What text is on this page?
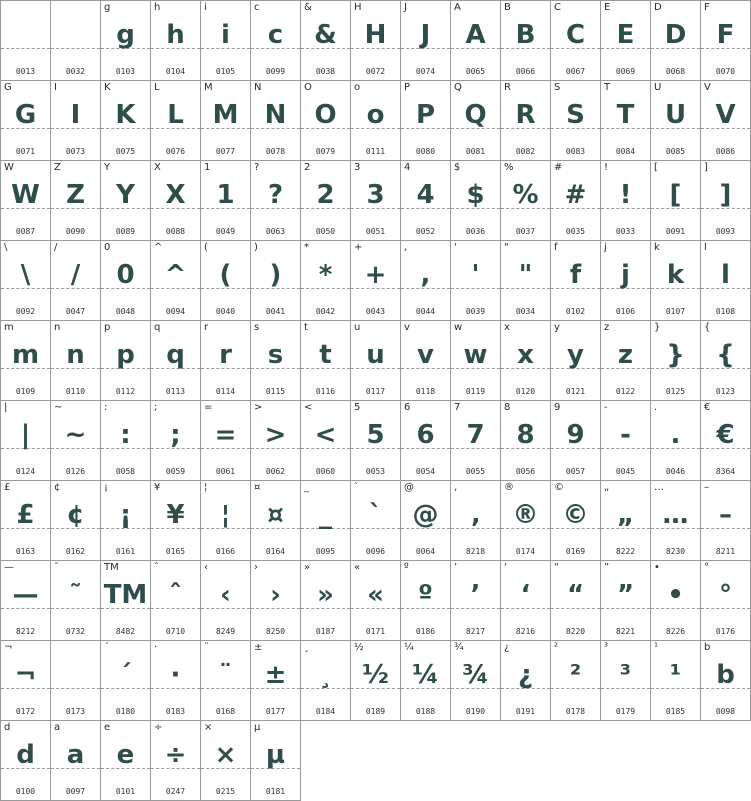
0013	0032
g
g
0103
h
h
0104
i
i
0105
c
c
0099
&
&
0038
H
H
0072
J
J
0074
A
A
0065
B
B
0066
C
C
0067
E
E
0069
D
D
0068
F
F
0070
G
G
0071
I
I
0073
K
K
0075
L
L
0076
M
M
0077
N
N
0078
O
O
0079
o
o
0111
P
P
0080
Q
Q
0081
R
R
0082
S
S
0083
T
T
0084
U
U
0085
V
V
0086
W
W
0087
Z
Z
0090
Y
Y
0089
X
X
0088
1
1
0049
?
?
0063
2
2
0050
3
3
0051
4
4
0052
$
$
0036
%
%
0037
#
#
0035
!
!
0033
[
[
0091
]
]
0093
\
\
0092
/
/
0047
0
0
0048
^
^
0094
(
(
0040
)
)
0041
*
*
0042
+
+
0043
,
,
0044
'
'
0039
"
"
0034
f
f
0102
j
j
0106
k
k
0107
l
l
0108
m
m
0109
n
n
0110
p
p
0112
q
q
0113
r
r
0114
s
s
0115
t
t
0116
u
u
0117
v
v
0118
w
w
0119
x
x
0120
y
y
0121
z
z
0122
}
}
0125
{
{
0123
|
|
0124
~
~
0126
:
:
0058
;
;
0059
=
=
0061
>
>
0062
<
<
0060
5
5
0053
6
6
0054
7
7
0055
8
8
0056
9
9
0057
-
-
0045
.
.
0046
€
€
8364
£
£
0163
¢
¢
0162
¡
¡
0161
¥
¥
0165
¦
¦
0166
¤
¤
0164
_
_
0095
`
`
0096
@
@
0064
‚
‚
8218
®
®
0174
©
©
0169
„
„
8222
…
…
8230
–
–
8211
—
—
8212
˜
˜
0732
TM
TM
8482
ˆ
ˆ
0710
‹
‹
8249
›
›
8250
»
»
0187
«
«
0171
º
º
0186
’
’
8217
‘
‘
8216
“
“
8220
”
”
8221
•
•
8226
°
°
0176
¬
¬
0172	0173
´
´
0180
·
·
0183
¨
¨
0168
±
±
0177
¸
¸
0184
½
½
0189
¼
¼
0188
¾
¾
0190
¿
¿
0191
²
²
0178
³
³
0179
¹
¹
0185
b
b
0098
d
d
0100
a
a
0097
e
e
0101
÷
÷
0247
×
×
0215
µ
µ
0181
